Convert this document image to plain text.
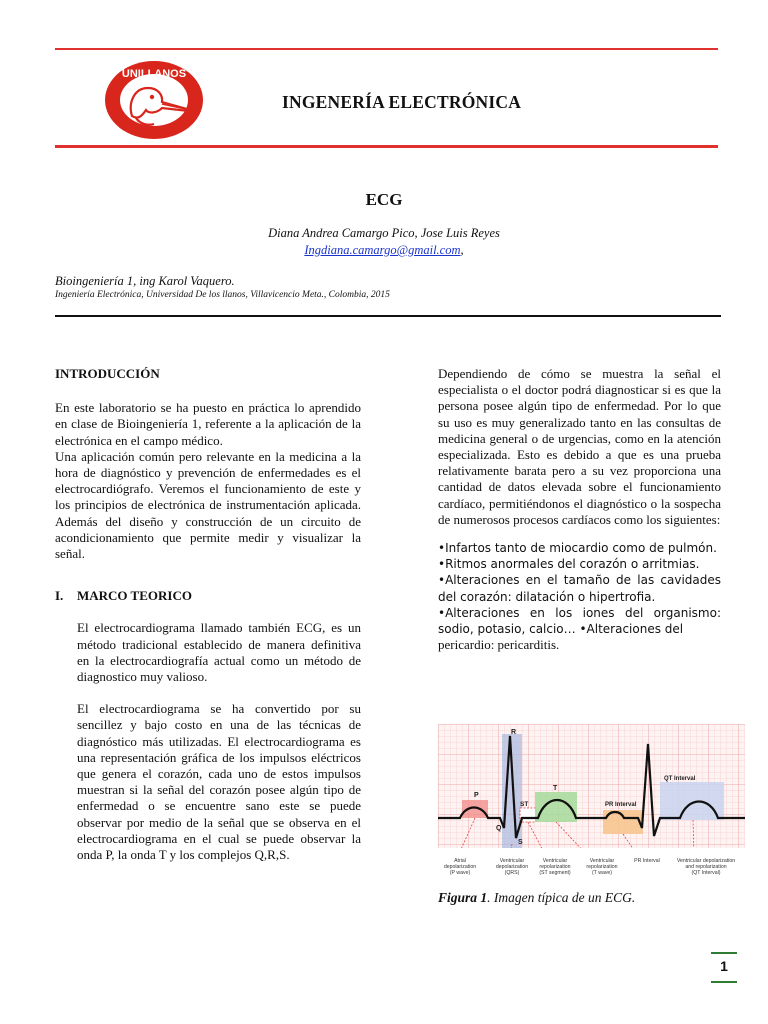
UNILLANOS
INGENERÍA ELECTRÓNICA
ECG
Diana Andrea Camargo Pico, Jose Luis Reyes
Ingdiana.camargo@gmail.com,
Bioingeniería 1, ing Karol Vaquero.
Ingeniería Electrónica, Universidad De los llanos, Villavicencio Meta., Colombia, 2015

INTRODUCCIÓN

En este laboratorio se ha puesto en práctica lo aprendido en clase de Bioingeniería 1, referente a la aplicación de la electrónica en el campo médico.

Una aplicación común pero relevante en la medicina a la hora de diagnóstico y prevención de enfermedades es el electrocardiógrafo. Veremos el funcionamiento de este y los principios de electrónica de instrumentación aplicada. Además del diseño y construcción de un circuito de acondicionamiento que permite medir y visualizar la señal.

I. MARCO TEORICO

El electrocardiograma llamado también ECG, es un método tradicional establecido de manera definitiva en la electrocardiografía actual como un método de diagnostico muy valioso.

El electrocardiograma se ha convertido por su sencillez y bajo costo en una de las técnicas de diagnóstico más utilizadas. El electrocardiograma es una representación gráfica de los impulsos eléctricos que genera el corazón, cada uno de estos impulsos muestran si la señal del corazón posee algún tipo de enfermedad o se encuentre sano este se puede observar por medio de la señal que se observa en el electrocardiograma en el cual se puede observar la onda P, la onda T y los complejos Q,R,S.

Dependiendo de cómo se muestra la señal el especialista o el doctor podrá diagnosticar si es que la persona posee algún tipo de enfermedad. Por lo que su uso es muy generalizado tanto en las consultas de medicina general o de urgencias, como en la atención especializada. Esto es debido a que es una prueba relativamente barata pero a su vez proporciona una cantidad de datos elevada sobre el funcionamiento cardíaco, permitiéndonos el diagnóstico o la sospecha de numerosos procesos cardíacos como los siguientes:

•Infartos tanto de miocardio como de pulmón.

•Ritmos anormales del corazón o arritmias.

•Alteraciones en el tamaño de las cavidades del corazón: dilatación o hipertrofia.

•Alteraciones en los iones del organismo: sodio, potasio, calcio… •Alteraciones del

pericardio: pericarditis.

P
R
Q
S
ST
T
PR Interval
QT Interval
Atrial
depolarization
(P wave)
Ventricular
depolarization
(QRS)
Ventricular
repolarization
(ST segment)
Ventricular
repolarization
(T wave)
PR Interval	Ventricular depolarization
and repolarization
(QT Interval)
Figura 1. Imagen típica de un ECG.
1
